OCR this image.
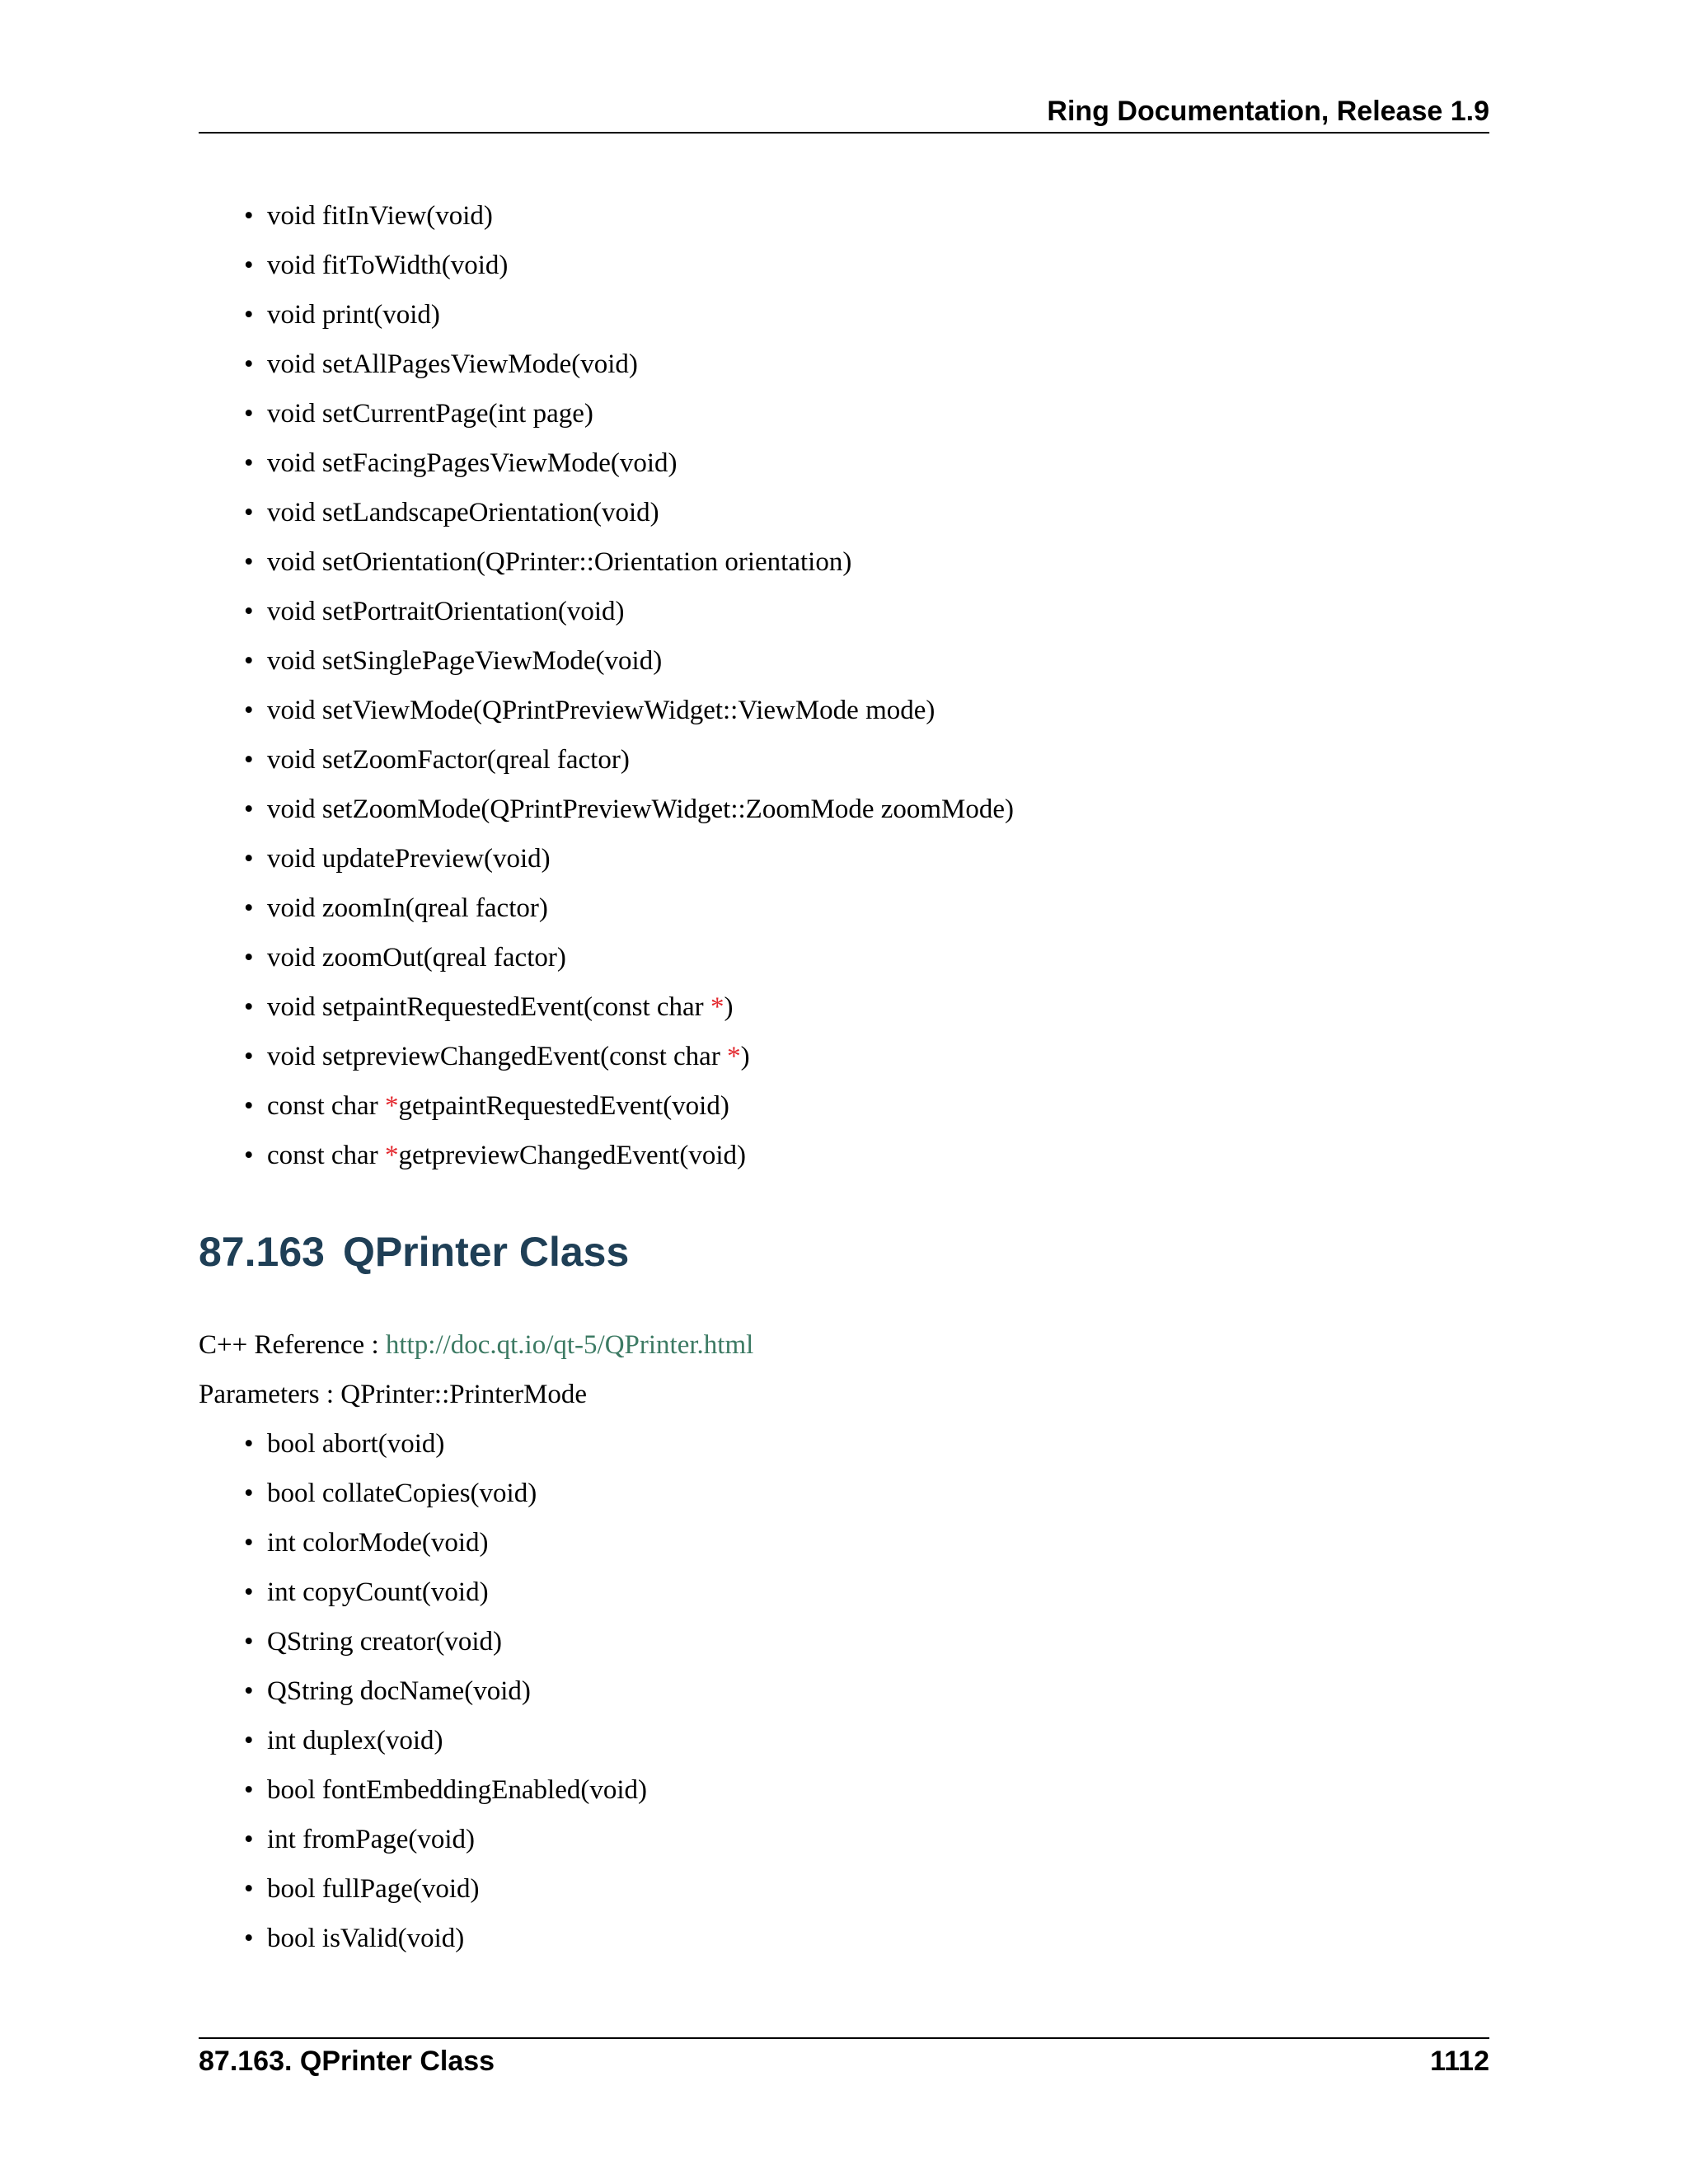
Ring Documentation, Release 1.9
• void fitInView(void)
• void fitToWidth(void)
• void print(void)
• void setAllPagesViewMode(void)
• void setCurrentPage(int page)
• void setFacingPagesViewMode(void)
• void setLandscapeOrientation(void)
• void setOrientation(QPrinter::Orientation orientation)
• void setPortraitOrientation(void)
• void setSinglePageViewMode(void)
• void setViewMode(QPrintPreviewWidget::ViewMode mode)
• void setZoomFactor(qreal factor)
• void setZoomMode(QPrintPreviewWidget::ZoomMode zoomMode)
• void updatePreview(void)
• void zoomIn(qreal factor)
• void zoomOut(qreal factor)
• void setpaintRequestedEvent(const char *)
• void setpreviewChangedEvent(const char *)
• const char *getpaintRequestedEvent(void)
• const char *getpreviewChangedEvent(void)
87.163 QPrinter Class
C++ Reference : http://doc.qt.io/qt-5/QPrinter.html
Parameters : QPrinter::PrinterMode
• bool abort(void)
• bool collateCopies(void)
• int colorMode(void)
• int copyCount(void)
• QString creator(void)
• QString docName(void)
• int duplex(void)
• bool fontEmbeddingEnabled(void)
• int fromPage(void)
• bool fullPage(void)
• bool isValid(void)
87.163. QPrinter Class	1112
